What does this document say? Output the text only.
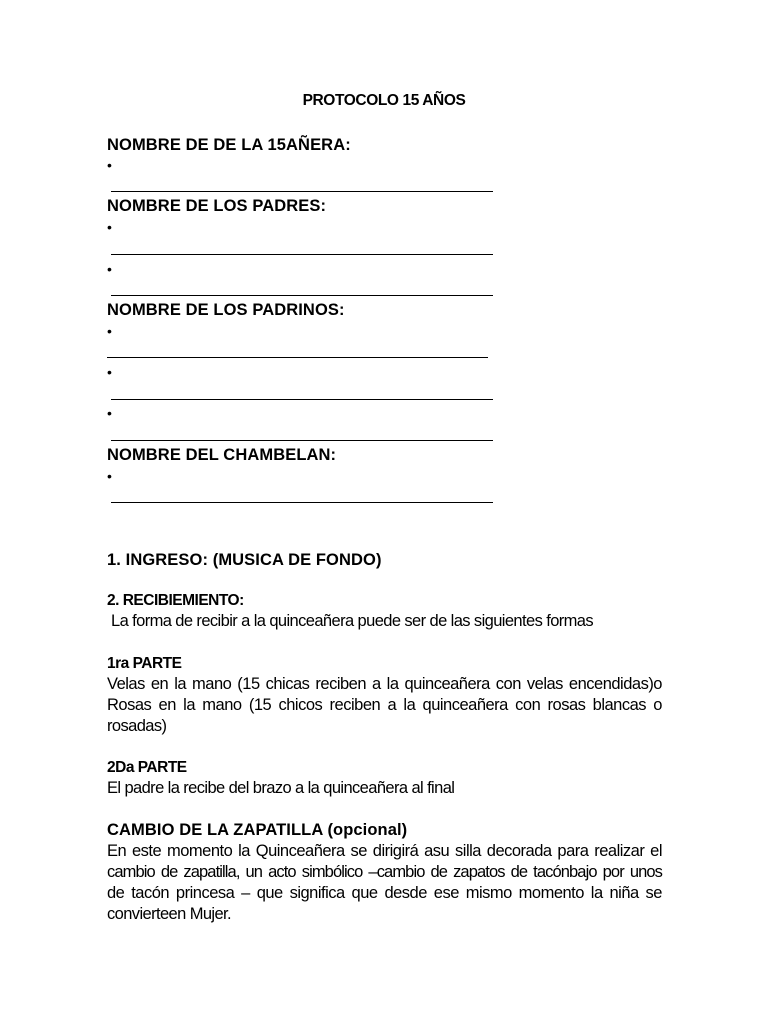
PROTOCOLO 15 AÑOS
NOMBRE DE DE LA 15AÑERA:
•
NOMBRE DE LOS PADRES:
•
•
NOMBRE DE LOS PADRINOS:
•
•
•
NOMBRE DEL CHAMBELAN:
•
1. INGRESO: (MUSICA DE FONDO)
2. RECIBIEMIENTO:
La forma de recibir a la quinceañera puede ser de las siguientes formas
1ra PARTE
Velas en la mano (15 chicas reciben a la quinceañera con velas encendidas)o
Rosas en la mano (15 chicos reciben a la quinceañera con rosas blancas o
rosadas)
2Da PARTE
El padre la recibe del brazo a la quinceañera al final
CAMBIO DE LA ZAPATILLA (opcional)
En este momento la Quinceañera se dirigirá asu silla decorada para realizar el
cambio de zapatilla, un acto simbólico –cambio de zapatos de tacónbajo por unos
de tacón princesa – que significa que desde ese mismo momento la niña se
convierteen Mujer.
